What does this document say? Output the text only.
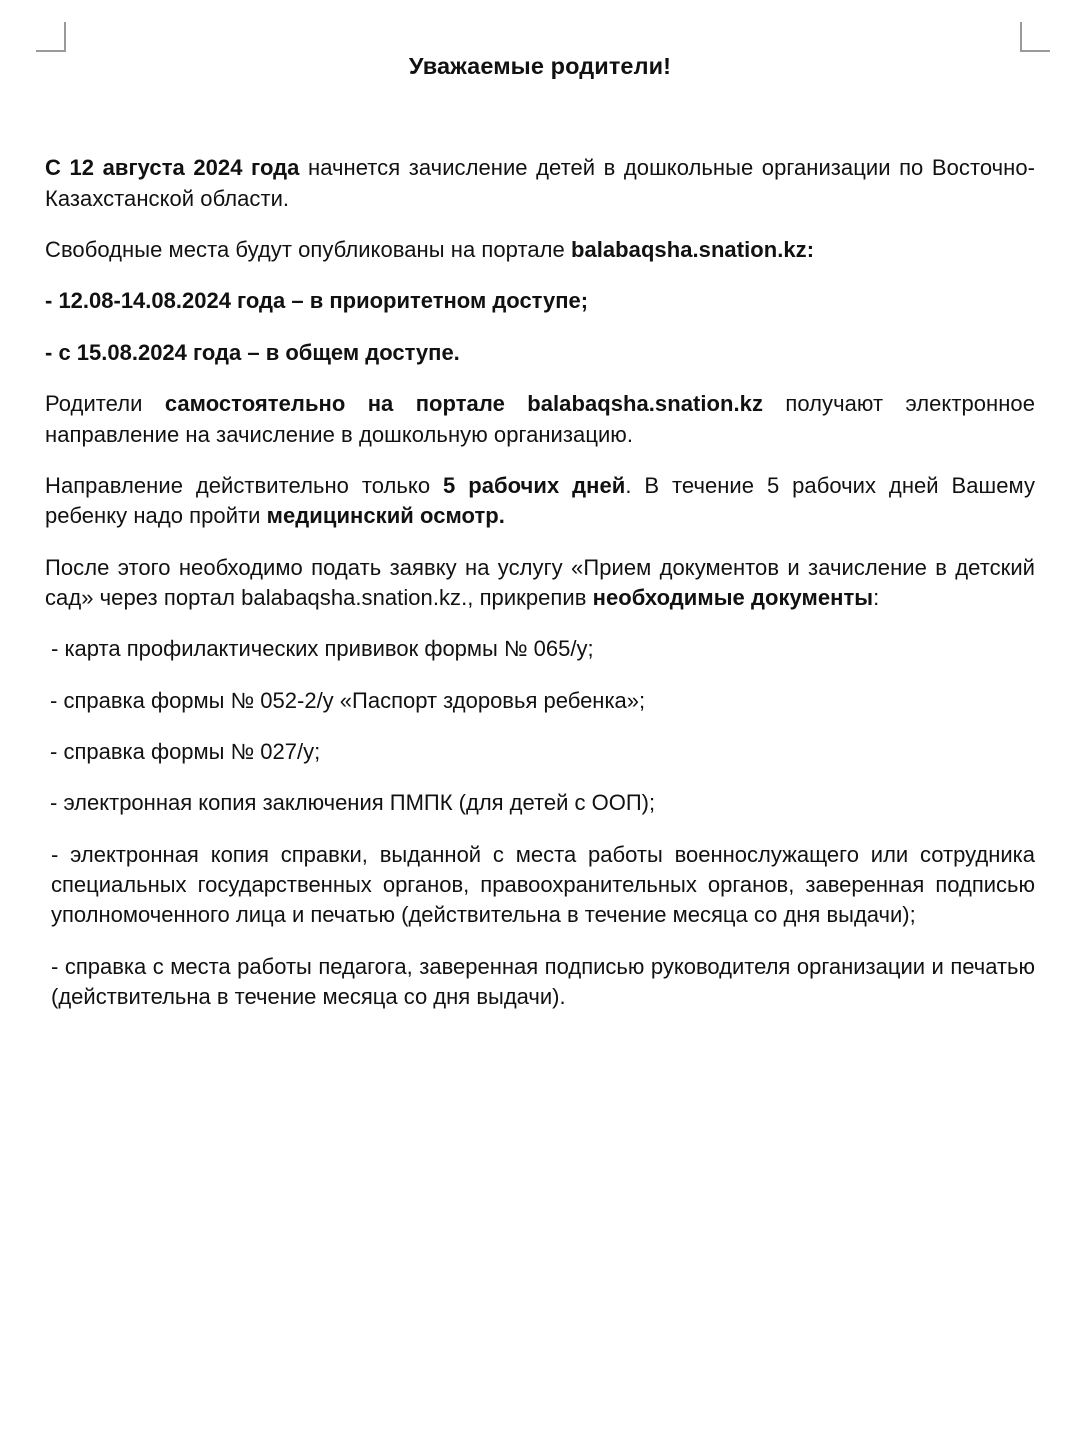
Уважаемые родители!

С 12 августа 2024 года начнется зачисление детей в дошкольные организации по Восточно-Казахстанской области.

Свободные места будут опубликованы на портале balabaqsha.snation.kz:

- 12.08-14.08.2024 года – в приоритетном доступе;

- с 15.08.2024 года – в общем доступе.

Родители самостоятельно на портале balabaqsha.snation.kz получают электронное направление на зачисление в дошкольную организацию.

Направление действительно только 5 рабочих дней. В течение 5 рабочих дней Вашему ребенку надо пройти медицинский осмотр.

После этого необходимо подать заявку на услугу «Прием документов и зачисление в детский сад» через портал balabaqsha.snation.kz., прикрепив необходимые документы:

- карта профилактических прививок формы № 065/у;

- справка формы № 052-2/у «Паспорт здоровья ребенка»;

- справка формы № 027/у;

- электронная копия заключения ПМПК (для детей с ООП);

- электронная копия справки, выданной с места работы военнослужащего или сотрудника специальных государственных органов, правоохранительных органов, заверенная подписью уполномоченного лица и печатью (действительна в течение месяца со дня выдачи);

- справка с места работы педагога, заверенная подписью руководителя организации и печатью (действительна в течение месяца со дня выдачи).
